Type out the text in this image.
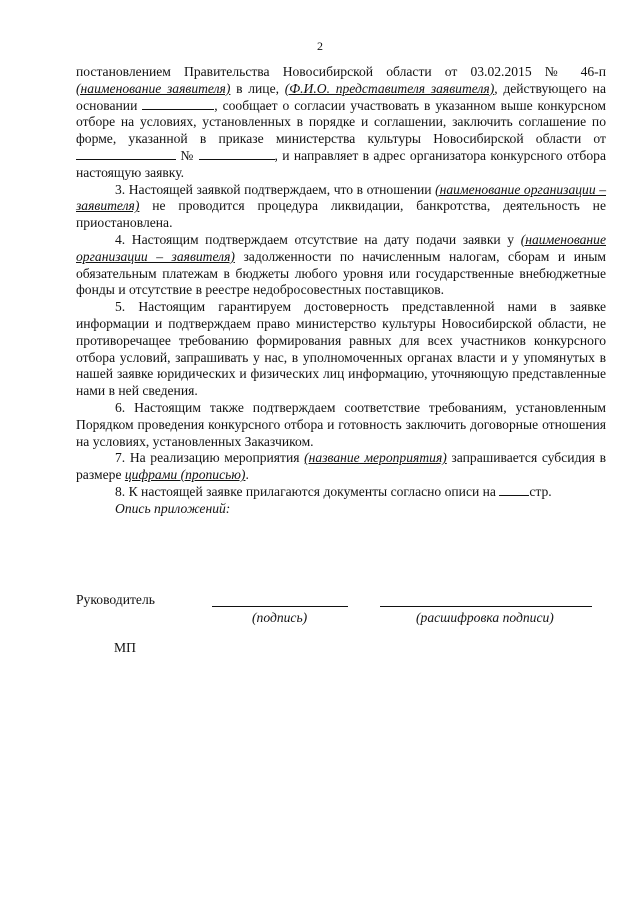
2

постановлением Правительства Новосибирской области от 03.02.2015 № 46-п (наименование заявителя) в лице, (Ф.И.О. представителя заявителя), действующего на основании	, сообщает о согласии участвовать в указанном выше конкурсном отборе на условиях, установленных в порядке и соглашении, заключить соглашение по форме, указанной в приказе министерства культуры Новосибирской области от №	, и направляет в адрес организатора конкурсного отбора настоящую заявку.

3. Настоящей заявкой подтверждаем, что в отношении (наименование организации – заявителя) не проводится процедура ликвидации, банкротства, деятельность не приостановлена.

4. Настоящим подтверждаем отсутствие на дату подачи заявки у (наименование организации – заявителя) задолженности по начисленным налогам, сборам и иным обязательным платежам в бюджеты любого уровня или государственные внебюджетные фонды и отсутствие в реестре недобросовестных поставщиков.

5. Настоящим гарантируем достоверность представленной нами в заявке информации и подтверждаем право министерство культуры Новосибирской области, не противоречащее требованию формирования равных для всех участников конкурсного отбора условий, запрашивать у нас, в уполномоченных органах власти и у упомянутых в нашей заявке юридических и физических лиц информацию, уточняющую представленные нами в ней сведения.

6. Настоящим также подтверждаем соответствие требованиям, установленным Порядком проведения конкурсного отбора и готовность заключить договорные отношения на условиях, установленных Заказчиком.

7. На реализацию мероприятия (название мероприятия) запрашивается субсидия в размере цифрами (прописью).

8. К настоящей заявке прилагаются документы согласно описи на стр.

Опись приложений:

Руководитель
(подпись)	(расшифровка подписи)
МП
